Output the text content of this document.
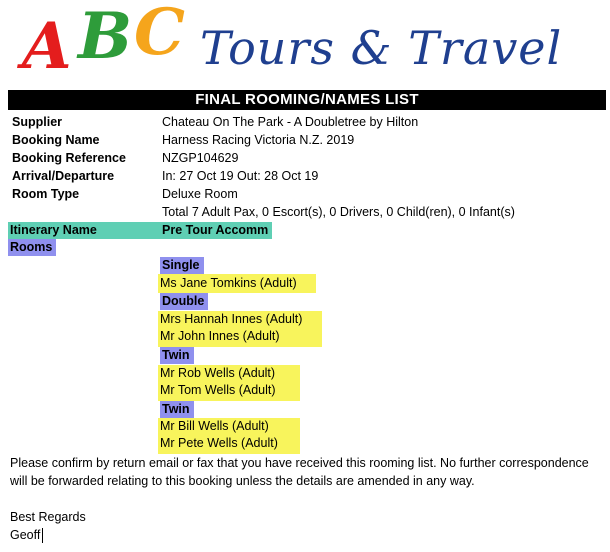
A B C Tours & Travel
FINAL ROOMING/NAMES LIST
Supplier	Chateau On The Park - A Doubletree by Hilton
Booking Name	Harness Racing Victoria N.Z. 2019
Booking Reference	NZGP104629
Arrival/Departure	In: 27 Oct 19 Out: 28 Oct 19
Room Type	Deluxe Room
Total 7 Adult Pax, 0 Escort(s), 0 Drivers, 0 Child(ren), 0 Infant(s)
Itinerary Name	Pre Tour Accomm
Rooms
Single
Ms Jane Tomkins (Adult)
Double
Mrs Hannah Innes (Adult)
Mr John Innes (Adult)
Twin
Mr Rob Wells (Adult)
Mr Tom Wells (Adult)
Twin
Mr Bill Wells (Adult)
Mr Pete Wells (Adult)
Please confirm by return email or fax that you have received this rooming list. No further correspondence will be forwarded relating to this booking unless the details are amended in any way.
Best Regards
Geoff
